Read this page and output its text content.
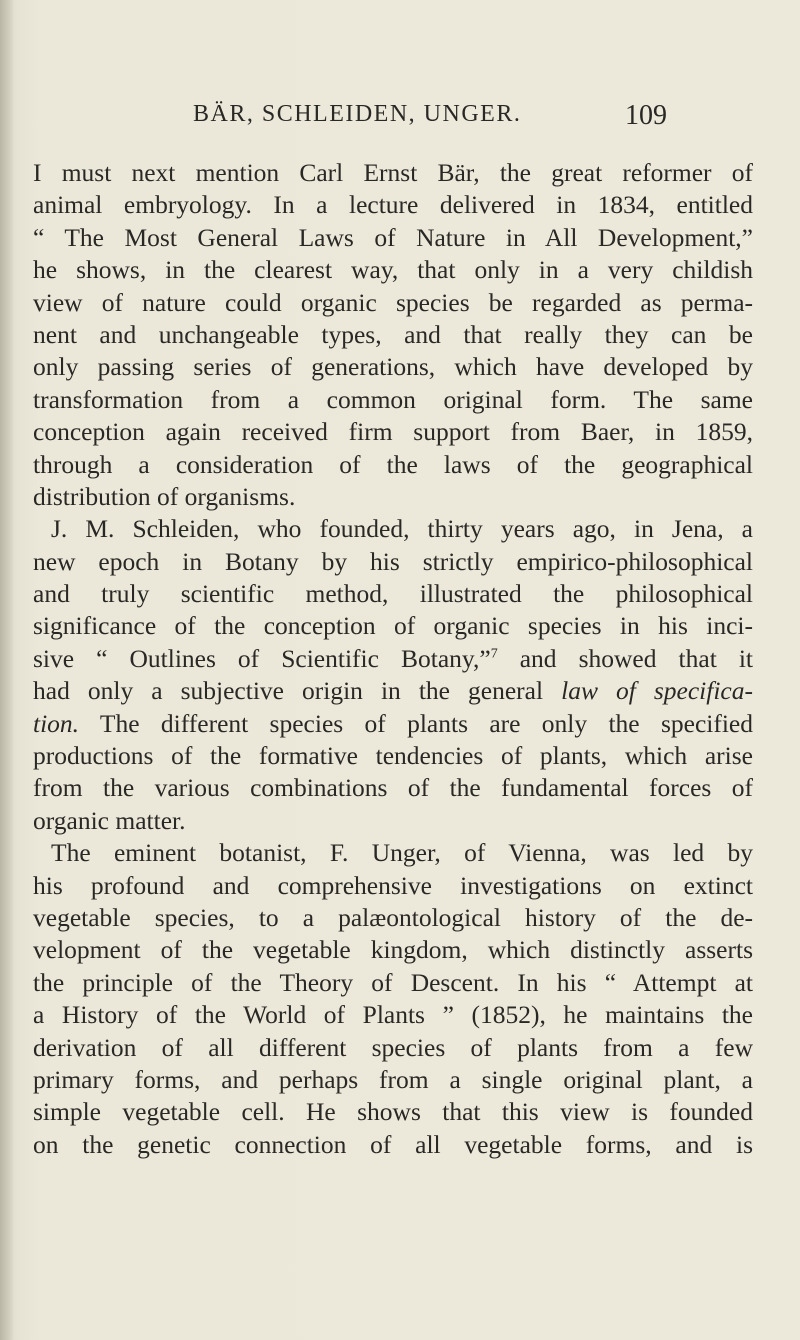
BÄR, SCHLEIDEN, UNGER.	109
I must next mention Carl Ernst Bär, the great reformer of
animal embryology. In a lecture delivered in 1834, entitled
“ The Most General Laws of Nature in All Development,”
he shows, in the clearest way, that only in a very childish
view of nature could organic species be regarded as perma-
nent and unchangeable types, and that really they can be
only passing series of generations, which have developed by
transformation from a common original form. The same
conception again received firm support from Baer, in 1859,
through a consideration of the laws of the geographical
distribution of organisms.
J. M. Schleiden, who founded, thirty years ago, in Jena, a
new epoch in Botany by his strictly empirico-philosophical
and truly scientific method, illustrated the philosophical
significance of the conception of organic species in his inci-
sive “ Outlines of Scientific Botany,”$^7$ and showed that it
had only a subjective origin in the general law of specifica-
tion. The different species of plants are only the specified
productions of the formative tendencies of plants, which arise
from the various combinations of the fundamental forces of
organic matter.
The eminent botanist, F. Unger, of Vienna, was led by
his profound and comprehensive investigations on extinct
vegetable species, to a palæontological history of the de-
velopment of the vegetable kingdom, which distinctly asserts
the principle of the Theory of Descent. In his “ Attempt at
a History of the World of Plants ” (1852), he maintains the
derivation of all different species of plants from a few
primary forms, and perhaps from a single original plant, a
simple vegetable cell. He shows that this view is founded
on the genetic connection of all vegetable forms, and is
